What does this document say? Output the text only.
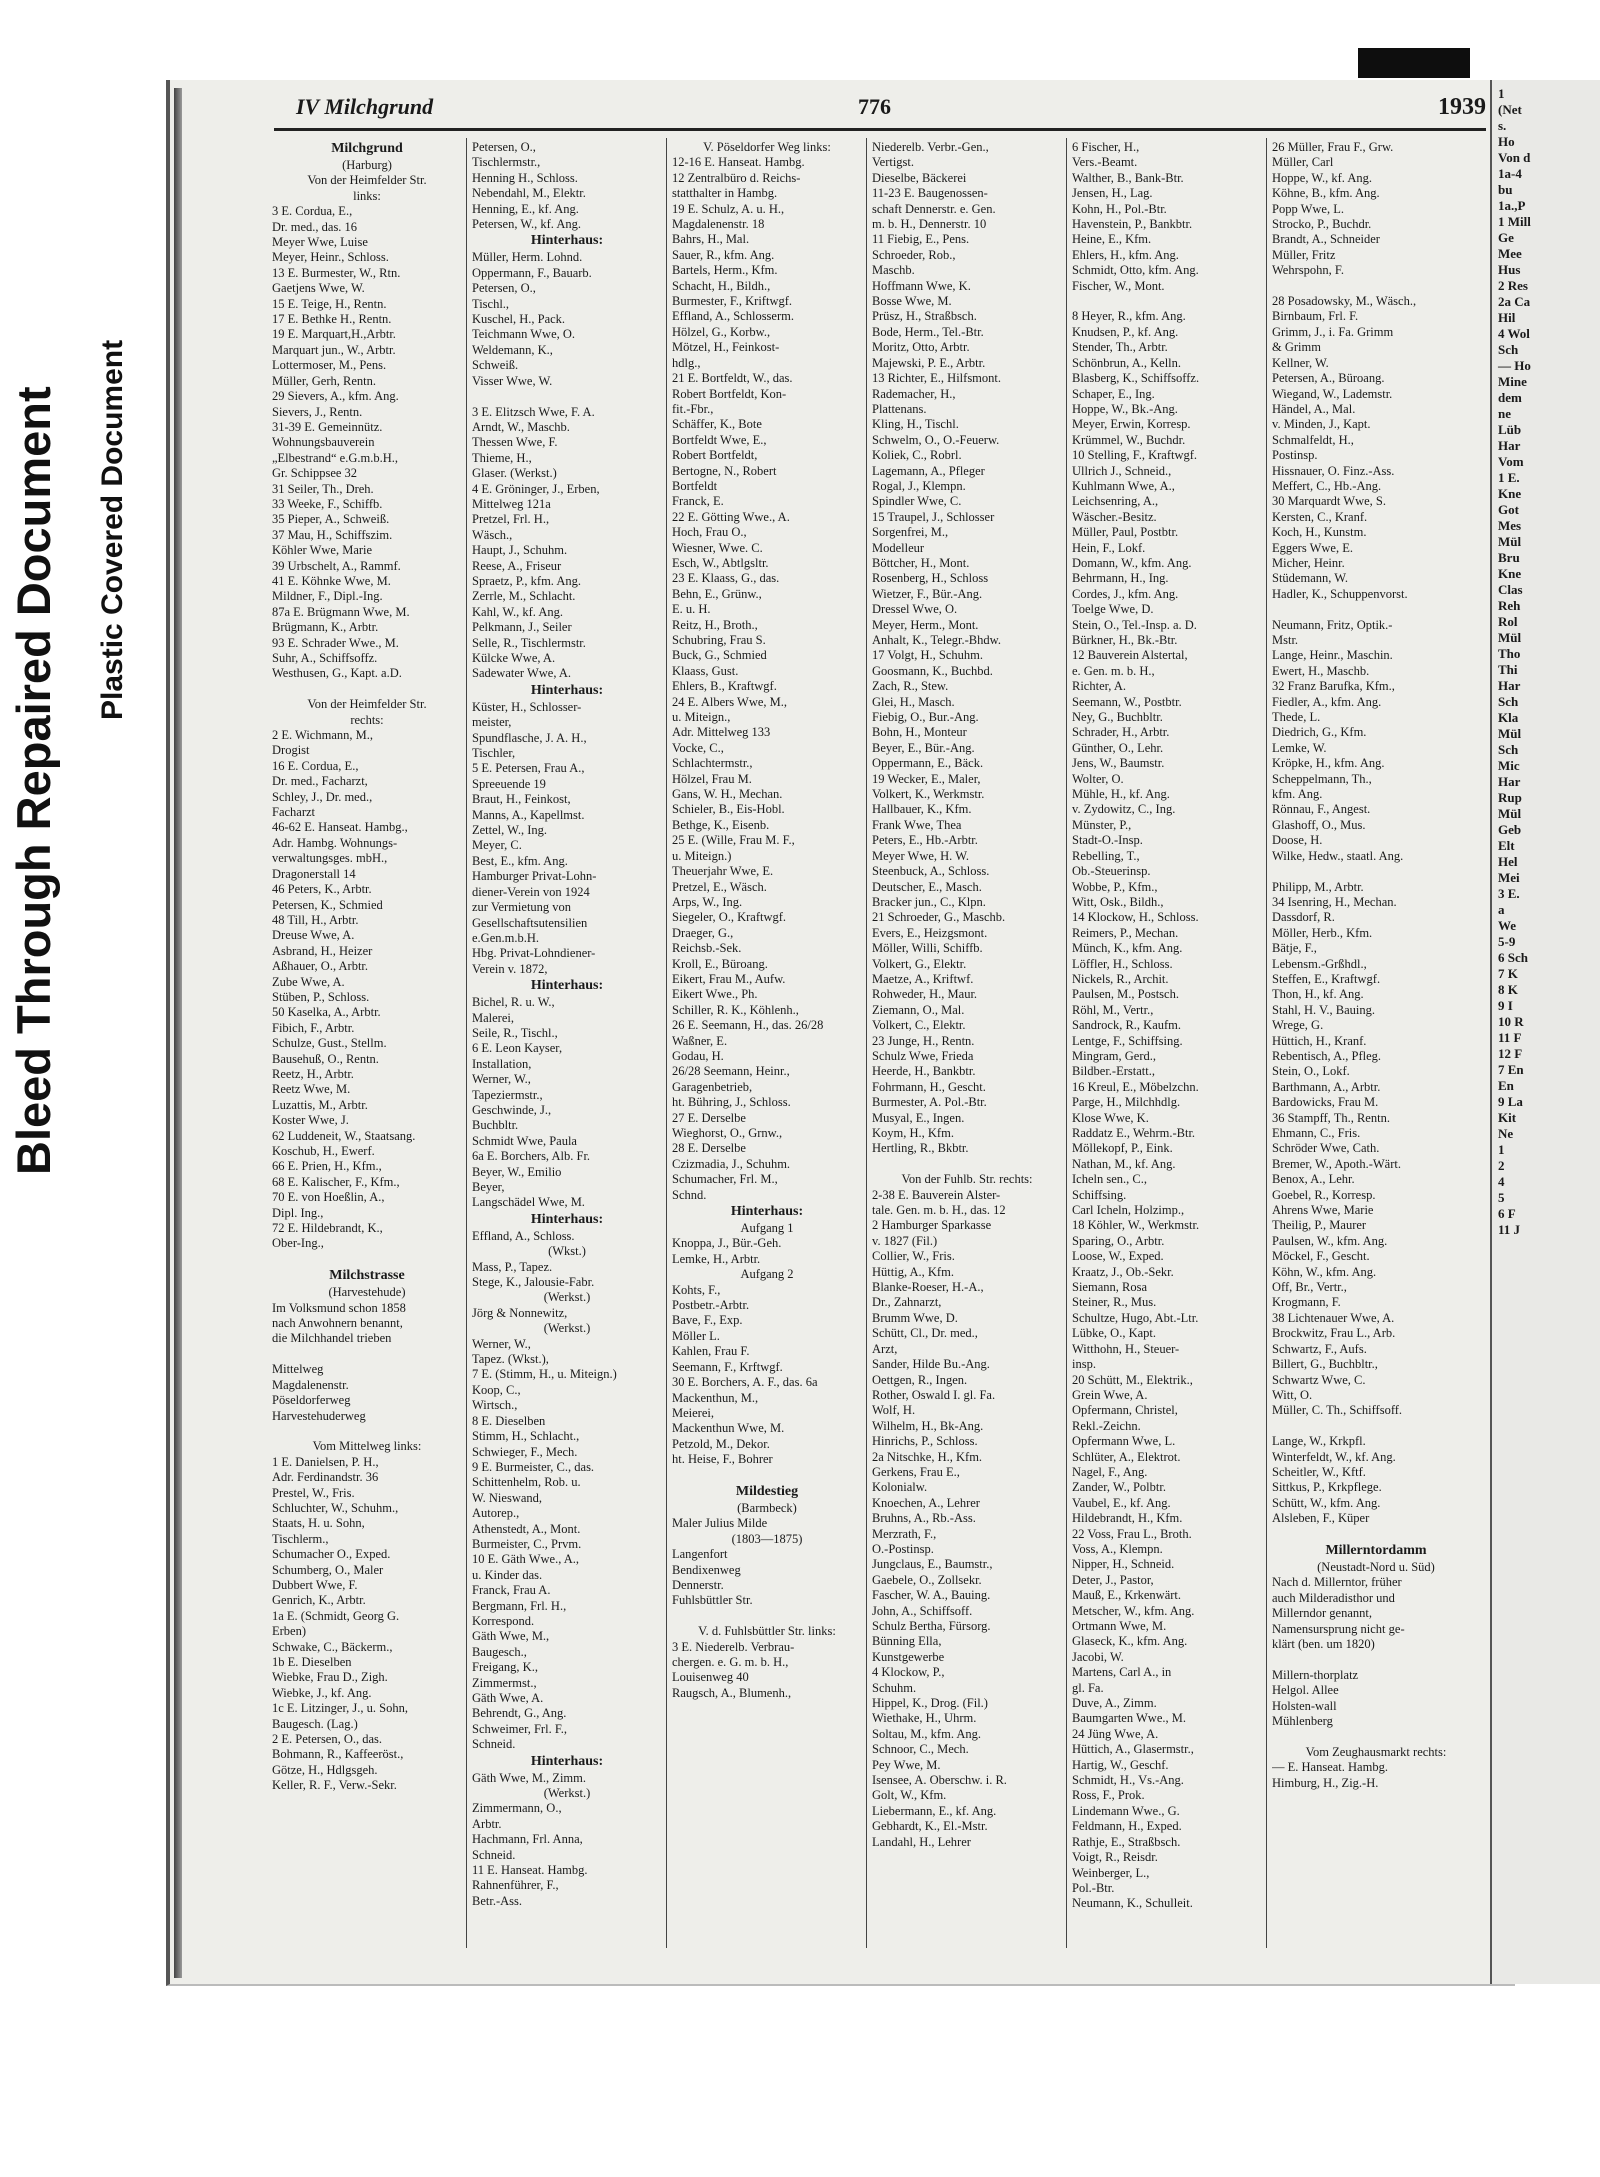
Bleed Through Repaired Document Plastic Covered Document
IV Milchgrund	776	1939
Milchgrund
(Harburg)
Von der Heimfelder Str.
links:
3 E. Cordua, E.,
Dr. med., das. 16
Meyer Wwe, Luise
Meyer, Heinr., Schloss.
13 E. Burmester, W., Rtn.
Gaetjens Wwe, W.
15 E. Teige, H., Rentn.
17 E. Bethke H., Rentn.
19 E. Marquart,H.,Arbtr.
Marquart jun., W., Arbtr.
Lottermoser, M., Pens.
Müller, Gerh, Rentn.
29 Sievers, A., kfm. Ang.
Sievers, J., Rentn.
31-39 E. Gemeinnütz.
Wohnungsbauverein
„Elbestrand“ e.G.m.b.H.,
Gr. Schippsee 32
31 Seiler, Th., Dreh.
33 Weeke, F., Schiffb.
35 Pieper, A., Schweiß.
37 Mau, H., Schiffszim.
Köhler Wwe, Marie
39 Urbschelt, A., Rammf.
41 E. Köhnke Wwe, M.
Mildner, F., Dipl.-Ing.
87a E. Brügmann Wwe, M.
Brügmann, K., Arbtr.
93 E. Schrader Wwe., M.
Suhr, A., Schiffsoffz.
Westhusen, G., Kapt. a.D.

Von der Heimfelder Str.
rechts:
2 E. Wichmann, M.,
Drogist
16 E. Cordua, E.,
Dr. med., Facharzt,
Schley, J., Dr. med.,
Facharzt
46-62 E. Hanseat. Hambg.,
Adr. Hambg. Wohnungs-
verwaltungsges. mbH.,
Dragonerstall 14
46 Peters, K., Arbtr.
Petersen, K., Schmied
48 Till, H., Arbtr.
Dreuse Wwe, A.
Asbrand, H., Heizer
Aßhauer, O., Arbtr.
Zube Wwe, A.
Stüben, P., Schloss.
50 Kaselka, A., Arbtr.
Fibich, F., Arbtr.
Schulze, Gust., Stellm.
Bausehuß, O., Rentn.
Reetz, H., Arbtr.
Reetz Wwe, M.
Luzattis, M., Arbtr.
Koster Wwe, J.
62 Luddeneit, W., Staatsang.
Koschub, H., Ewerf.
66 E. Prien, H., Kfm.,
68 E. Kalischer, F., Kfm.,
70 E. von Hoeßlin, A.,
Dipl. Ing.,
72 E. Hildebrandt, K.,
Ober-Ing.,

Milchstrasse
(Harvestehude)
Im Volksmund schon 1858
nach Anwohnern benannt,
die Milchhandel trieben

Mittelweg
Magdalenenstr.
Pöseldorferweg
Harvestehuderweg

Vom Mittelweg links:
1 E. Danielsen, P. H.,
Adr. Ferdinandstr. 36
Prestel, W., Fris.
Schluchter, W., Schuhm.,
Staats, H. u. Sohn,
Tischlerm.,
Schumacher O., Exped.
Schumberg, O., Maler
Dubbert Wwe, F.
Genrich, K., Arbtr.
1a E. (Schmidt, Georg G.
Erben)
Schwake, C., Bäckerm.,
1b E. Dieselben
Wiebke, Frau D., Zigh.
Wiebke, J., kf. Ang.
1c E. Litzinger, J., u. Sohn,
Baugesch. (Lag.)
2 E. Petersen, O., das.
Bohmann, R., Kaffeeröst.,
Götze, H., Hdlgsgeh.
Keller, R. F., Verw.-Sekr.
Petersen, O.,
Tischlermstr.,
Henning H., Schloss.
Nebendahl, M., Elektr.
Henning, E., kf. Ang.
Petersen, W., kf. Ang.
Hinterhaus:
Müller, Herm. Lohnd.
Oppermann, F., Bauarb.
Petersen, O.,
Tischl.,
Kuschel, H., Pack.
Teichmann Wwe, O.
Weldemann, K.,
Schweiß.
Visser Wwe, W.

3 E. Elitzsch Wwe, F. A.
Arndt, W., Maschb.
Thessen Wwe, F.
Thieme, H.,
Glaser. (Werkst.)
4 E. Gröninger, J., Erben,
Mittelweg 121a
Pretzel, Frl. H.,
Wäsch.,
Haupt, J., Schuhm.
Reese, A., Friseur
Spraetz, P., kfm. Ang.
Zerrle, M., Schlacht.
Kahl, W., kf. Ang.
Pelkmann, J., Seiler
Selle, R., Tischlermstr.
Külcke Wwe, A.
Sadewater Wwe, A.
Hinterhaus:
Küster, H., Schlosser-
meister,
Spundflasche, J. A. H.,
Tischler,
5 E. Petersen, Frau A.,
Spreeuende 19
Braut, H., Feinkost,
Manns, A., Kapellmst.
Zettel, W., Ing.
Meyer, C.
Best, E., kfm. Ang.
Hamburger Privat-Lohn-
diener-Verein von 1924
zur Vermietung von
Gesellschaftsutensilien
e.Gen.m.b.H.
Hbg. Privat-Lohndiener-
Verein v. 1872,
Hinterhaus:
Bichel, R. u. W.,
Malerei,
Seile, R., Tischl.,
6 E. Leon Kayser,
Installation,
Werner, W.,
Tapeziermstr.,
Geschwinde, J.,
Buchbltr.
Schmidt Wwe, Paula
6a E. Borchers, Alb. Fr.
Beyer, W., Emilio
Beyer,
Langschädel Wwe, M.
Hinterhaus:
Effland, A., Schloss.
(Wkst.)
Mass, P., Tapez.
Stege, K., Jalousie-Fabr.
(Werkst.)
Jörg & Nonnewitz,
(Werkst.)
Werner, W.,
Tapez. (Wkst.),
7 E. (Stimm, H., u. Miteign.)
Koop, C.,
Wirtsch.,
8 E. Dieselben
Stimm, H., Schlacht.,
Schwieger, F., Mech.
9 E. Burmeister, C., das.
Schittenhelm, Rob. u.
W. Nieswand,
Autorep.,
Athenstedt, A., Mont.
Burmeister, C., Prvm.
10 E. Gäth Wwe., A.,
u. Kinder das.
Franck, Frau A.
Bergmann, Frl. H.,
Korrespond.
Gäth Wwe, M.,
Baugesch.,
Freigang, K.,
Zimmermst.,
Gäth Wwe, A.
Behrendt, G., Ang.
Schweimer, Frl. F.,
Schneid.
Hinterhaus:
Gäth Wwe, M., Zimm.
(Werkst.)
Zimmermann, O.,
Arbtr.
Hachmann, Frl. Anna,
Schneid.
11 E. Hanseat. Hambg.
Rahnenführer, F.,
Betr.-Ass.
V. Pöseldorfer Weg links:
12-16 E. Hanseat. Hambg.
12 Zentralbüro d. Reichs-
statthalter in Hambg.
19 E. Schulz, A. u. H.,
Magdalenenstr. 18
Bahrs, H., Mal.
Sauer, R., kfm. Ang.
Bartels, Herm., Kfm.
Schacht, H., Bildh.,
Burmester, F., Kriftwgf.
Effland, A., Schlosserm.
Hölzel, G., Korbw.,
Mötzel, H., Feinkost-
hdlg.,
21 E. Bortfeldt, W., das.
Robert Bortfeldt, Kon-
fit.-Fbr.,
Schäffer, K., Bote
Bortfeldt Wwe, E.,
Robert Bortfeldt,
Bertogne, N., Robert
Bortfeldt
Franck, E.
22 E. Götting Wwe., A.
Hoch, Frau O.,
Wiesner, Wwe. C.
Esch, W., Abtlgsltr.
23 E. Klaass, G., das.
Behn, E., Grünw.,
E. u. H.
Reitz, H., Broth.,
Schubring, Frau S.
Buck, G., Schmied
Klaass, Gust.
Ehlers, B., Kraftwgf.
24 E. Albers Wwe, M.,
u. Miteign.,
Adr. Mittelweg 133
Vocke, C.,
Schlachtermstr.,
Hölzel, Frau M.
Gans, W. H., Mechan.
Schieler, B., Eis-Hobl.
Bethge, K., Eisenb.
25 E. (Wille, Frau M. F.,
u. Miteign.)
Theuerjahr Wwe, E.
Pretzel, E., Wäsch.
Arps, W., Ing.
Siegeler, O., Kraftwgf.
Draeger, G.,
Reichsb.-Sek.
Kroll, E., Büroang.
Eikert, Frau M., Aufw.
Eikert Wwe., Ph.
Schiller, R. K., Köhlenh.,
26 E. Seemann, H., das. 26/28
Waßner, E.
Godau, H.
26/28 Seemann, Heinr.,
Garagenbetrieb,
ht. Bühring, J., Schloss.
27 E. Derselbe
Wieghorst, O., Grnw.,
28 E. Derselbe
Czizmadia, J., Schuhm.
Schumacher, Frl. M.,
Schnd.
Hinterhaus:
Aufgang 1
Knoppa, J., Bür.-Geh.
Lemke, H., Arbtr.
Aufgang 2
Kohts, F.,
Postbetr.-Arbtr.
Bave, F., Exp.
Möller L.
Kahlen, Frau F.
Seemann, F., Krftwgf.
30 E. Borchers, A. F., das. 6a
Mackenthun, M.,
Meierei,
Mackenthun Wwe, M.
Petzold, M., Dekor.
ht. Heise, F., Bohrer

Mildestieg
(Barmbeck)
Maler Julius Milde
(1803—1875)
Langenfort
Bendixenweg
Dennerstr.
Fuhlsbüttler Str.

V. d. Fuhlsbüttler Str. links:
3 E. Niederelb. Verbrau-
chergen. e. G. m. b. H.,
Louisenweg 40
Raugsch, A., Blumenh.,
Niederelb. Verbr.-Gen.,
Vertigst.
Dieselbe, Bäckerei
11-23 E. Baugenossen-
schaft Dennerstr. e. Gen.
m. b. H., Dennerstr. 10
11 Fiebig, E., Pens.
Schroeder, Rob.,
Maschb.
Hoffmann Wwe, K.
Bosse Wwe, M.
Prüsz, H., Straßbsch.
Bode, Herm., Tel.-Btr.
Moritz, Otto, Arbtr.
Majewski, P. E., Arbtr.
13 Richter, E., Hilfsmont.
Rademacher, H.,
Plattenans.
Kling, H., Tischl.
Schwelm, O., O.-Feuerw.
Koliek, C., Robrl.
Lagemann, A., Pfleger
Rogal, J., Klempn.
Spindler Wwe, C.
15 Traupel, J., Schlosser
Sorgenfrei, M.,
Modelleur
Böttcher, H., Mont.
Rosenberg, H., Schloss
Wietzer, F., Bür.-Ang.
Dressel Wwe, O.
Meyer, Herm., Mont.
Anhalt, K., Telegr.-Bhdw.
17 Volgt, H., Schuhm.
Goosmann, K., Buchbd.
Zach, R., Stew.
Glei, H., Masch.
Fiebig, O., Bur.-Ang.
Bohn, H., Monteur
Beyer, E., Bür.-Ang.
Oppermann, E., Bäck.
19 Wecker, E., Maler,
Volkert, K., Werkmstr.
Hallbauer, K., Kfm.
Frank Wwe, Thea
Peters, E., Hb.-Arbtr.
Meyer Wwe, H. W.
Steenbuck, A., Schloss.
Deutscher, E., Masch.
Bracker jun., C., Klpn.
21 Schroeder, G., Maschb.
Evers, E., Heizgsmont.
Möller, Willi, Schiffb.
Volkert, G., Elektr.
Maetze, A., Kriftwf.
Rohweder, H., Maur.
Ziemann, O., Mal.
Volkert, C., Elektr.
23 Junge, H., Rentn.
Schulz Wwe, Frieda
Heerde, H., Bankbtr.
Fohrmann, H., Gescht.
Burmester, A. Pol.-Btr.
Musyal, E., Ingen.
Koym, H., Kfm.
Hertling, R., Bkbtr.

Von der Fuhlb. Str. rechts:
2-38 E. Bauverein Alster-
tale. Gen. m. b. H., das. 12
2 Hamburger Sparkasse
v. 1827 (Fil.)
Collier, W., Fris.
Hüttig, A., Kfm.
Blanke-Roeser, H.-A.,
Dr., Zahnarzt,
Brumm Wwe, D.
Schütt, Cl., Dr. med.,
Arzt,
Sander, Hilde Bu.-Ang.
Oettgen, R., Ingen.
Rother, Oswald I. gl. Fa.
Wolf, H.
Wilhelm, H., Bk-Ang.
Hinrichs, P., Schloss.
2a Nitschke, H., Kfm.
Gerkens, Frau E.,
Kolonialw.
Knoechen, A., Lehrer
Bruhns, A., Rb.-Ass.
Merzrath, F.,
O.-Postinsp.
Jungclaus, E., Baumstr.,
Gaebele, O., Zollsekr.
Fascher, W. A., Bauing.
John, A., Schiffsoff.
Schulz Bertha, Fürsorg.
Bünning Ella,
Kunstgewerbe
4 Klockow, P.,
Schuhm.
Hippel, K., Drog. (Fil.)
Wiethake, H., Uhrm.
Soltau, M., kfm. Ang.
Schnoor, C., Mech.
Pey Wwe, M.
Isensee, A. Oberschw. i. R.
Golt, W., Kfm.
Liebermann, E., kf. Ang.
Gebhardt, K., El.-Mstr.
Landahl, H., Lehrer
6 Fischer, H.,
Vers.-Beamt.
Walther, B., Bank-Btr.
Jensen, H., Lag.
Kohn, H., Pol.-Btr.
Havenstein, P., Bankbtr.
Heine, E., Kfm.
Ehlers, H., kfm. Ang.
Schmidt, Otto, kfm. Ang.
Fischer, W., Mont.

8 Heyer, R., kfm. Ang.
Knudsen, P., kf. Ang.
Stender, Th., Arbtr.
Schönbrun, A., Kelln.
Blasberg, K., Schiffsoffz.
Schaper, E., Ing.
Hoppe, W., Bk.-Ang.
Meyer, Erwin, Korresp.
Krümmel, W., Buchdr.
10 Stelling, F., Kraftwgf.
Ullrich J., Schneid.,
Kuhlmann Wwe, A.,
Leichsenring, A.,
Wäscher.-Besitz.
Müller, Paul, Postbtr.
Hein, F., Lokf.
Domann, W., kfm. Ang.
Behrmann, H., Ing.
Cordes, J., kfm. Ang.
Toelge Wwe, D.
Stein, O., Tel.-Insp. a. D.
Bürkner, H., Bk.-Btr.
12 Bauverein Alstertal,
e. Gen. m. b. H.,
Richter, A.
Seemann, W., Postbtr.
Ney, G., Buchbltr.
Schrader, H., Arbtr.
Günther, O., Lehr.
Jens, W., Baumstr.
Wolter, O.
Mühle, H., kf. Ang.
v. Zydowitz, C., Ing.
Münster, P.,
Stadt-O.-Insp.
Rebelling, T.,
Ob.-Steuerinsp.
Wobbe, P., Kfm.,
Witt, Osk., Bildh.,
14 Klockow, H., Schloss.
Reimers, P., Mechan.
Münch, K., kfm. Ang.
Löffler, H., Schloss.
Nickels, R., Archit.
Paulsen, M., Postsch.
Röhl, M., Vertr.,
Sandrock, R., Kaufm.
Lentge, F., Schiffsing.
Mingram, Gerd.,
Bildber.-Erstatt.,
16 Kreul, E., Möbelzchn.
Parge, H., Milchhdlg.
Klose Wwe, K.
Raddatz E., Wehrm.-Btr.
Möllekopf, P., Eink.
Nathan, M., kf. Ang.
Icheln sen., C.,
Schiffsing.
Carl Icheln, Holzimp.,
18 Köhler, W., Werkmstr.
Sparing, O., Arbtr.
Loose, W., Exped.
Kraatz, J., Ob.-Sekr.
Siemann, Rosa
Steiner, R., Mus.
Schultze, Hugo, Abt.-Ltr.
Lübke, O., Kapt.
Witthohn, H., Steuer-
insp.
20 Schütt, M., Elektrik.,
Grein Wwe, A.
Opfermann, Christel,
Rekl.-Zeichn.
Opfermann Wwe, L.
Schlüter, A., Elektrot.
Nagel, F., Ang.
Zander, W., Polbtr.
Vaubel, E., kf. Ang.
Hildebrandt, H., Kfm.
22 Voss, Frau L., Broth.
Voss, A., Klempn.
Nipper, H., Schneid.
Deter, J., Pastor,
Mauß, E., Krkenwärt.
Metscher, W., kfm. Ang.
Ortmann Wwe, M.
Glaseck, K., kfm. Ang.
Jacobi, W.
Martens, Carl A., in
gl. Fa.
Duve, A., Zimm.
Baumgarten Wwe., M.
24 Jüng Wwe, A.
Hüttich, A., Glasermstr.,
Hartig, W., Geschf.
Schmidt, H., Vs.-Ang.
Ross, F., Prok.
Lindemann Wwe., G.
Feldmann, H., Exped.
Rathje, E., Straßbsch.
Voigt, R., Reisdr.
Weinberger, L.,
Pol.-Btr.
Neumann, K., Schulleit.
26 Müller, Frau F., Grw.
Müller, Carl
Hoppe, W., kf. Ang.
Köhne, B., kfm. Ang.
Popp Wwe, L.
Strocko, P., Buchdr.
Brandt, A., Schneider
Müller, Fritz
Wehrspohn, F.

28 Posadowsky, M., Wäsch.,
Birnbaum, Frl. F.
Grimm, J., i. Fa. Grimm
& Grimm
Kellner, W.
Petersen, A., Büroang.
Wiegand, W., Lademstr.
Händel, A., Mal.
v. Minden, J., Kapt.
Schmalfeldt, H.,
Postinsp.
Hissnauer, O. Finz.-Ass.
Meffert, C., Hb.-Ang.
30 Marquardt Wwe, S.
Kersten, C., Kranf.
Koch, H., Kunstm.
Eggers Wwe, E.
Micher, Heinr.
Stüdemann, W.
Hadler, K., Schuppenvorst.

Neumann, Fritz, Optik.-
Mstr.
Lange, Heinr., Maschin.
Ewert, H., Maschb.
32 Franz Barufka, Kfm.,
Fiedler, A., kfm. Ang.
Thede, L.
Diedrich, G., Kfm.
Lemke, W.
Kröpke, H., kfm. Ang.
Scheppelmann, Th.,
kfm. Ang.
Rönnau, F., Angest.
Glashoff, O., Mus.
Doose, H.
Wilke, Hedw., staatl. Ang.

Philipp, M., Arbtr.
34 Isenring, H., Mechan.
Dassdorf, R.
Möller, Herb., Kfm.
Bätje, F.,
Lebensm.-Grßhdl.,
Steffen, E., Kraftwgf.
Thon, H., kf. Ang.
Stahl, H. V., Bauing.
Wrege, G.
Hüttich, H., Kranf.
Rebentisch, A., Pfleg.
Stein, O., Lokf.
Barthmann, A., Arbtr.
Bardowicks, Frau M.
36 Stampff, Th., Rentn.
Ehmann, C., Fris.
Schröder Wwe, Cath.
Bremer, W., Apoth.-Wärt.
Benox, A., Lehr.
Goebel, R., Korresp.
Ahrens Wwe, Marie
Theilig, P., Maurer
Paulsen, W., kfm. Ang.
Möckel, F., Gescht.
Köhn, W., kfm. Ang.
Off, Br., Vertr.,
Krogmann, F.
38 Lichtenauer Wwe, A.
Brockwitz, Frau L., Arb.
Schwartz, F., Aufs.
Billert, G., Buchbltr.,
Schwartz Wwe, C.
Witt, O.
Müller, C. Th., Schiffsoff.

Lange, W., Krkpfl.
Winterfeldt, W., kf. Ang.
Scheitler, W., Kftf.
Sittkus, P., Krkpflege.
Schütt, W., kfm. Ang.
Alsleben, F., Küper

Millerntordamm
(Neustadt-Nord u. Süd)
Nach d. Millerntor, früher
auch Milderadisthor und
Millerndor genannt,
Namensursprung nicht ge-
klärt (ben. um 1820)

Millern-thorplatz
Helgol. Allee
Holsten-wall
Mühlenberg

Vom Zeughausmarkt rechts:
— E. Hanseat. Hambg.
Himburg, H., Zig.-H.
1
(Net
s.
Ho
Von d
1a-4
bu
1a.,P
1 Mill
Ge
Mee
Hus
2 Res
2a Ca
Hil
4 Wol
Sch
— Ho
Mine
dem
ne
Lüb
Har
Vom
1 E.
Kne
Got
Mes
Mül
Bru
Kne
Clas
Reh
Rol
Mül
Tho
Thi
Har
Sch
Kla
Mül
Sch
Mic
Har
Rup
Mül
Geb
Elt
Hel
Mei
3 E.
a
We
5-9
6 Sch
7 K
8 K
9 I
10 R
11 F
12 F
7 En
En
9 La
Kit
Ne
1
2
4
5
6 F
11 J
